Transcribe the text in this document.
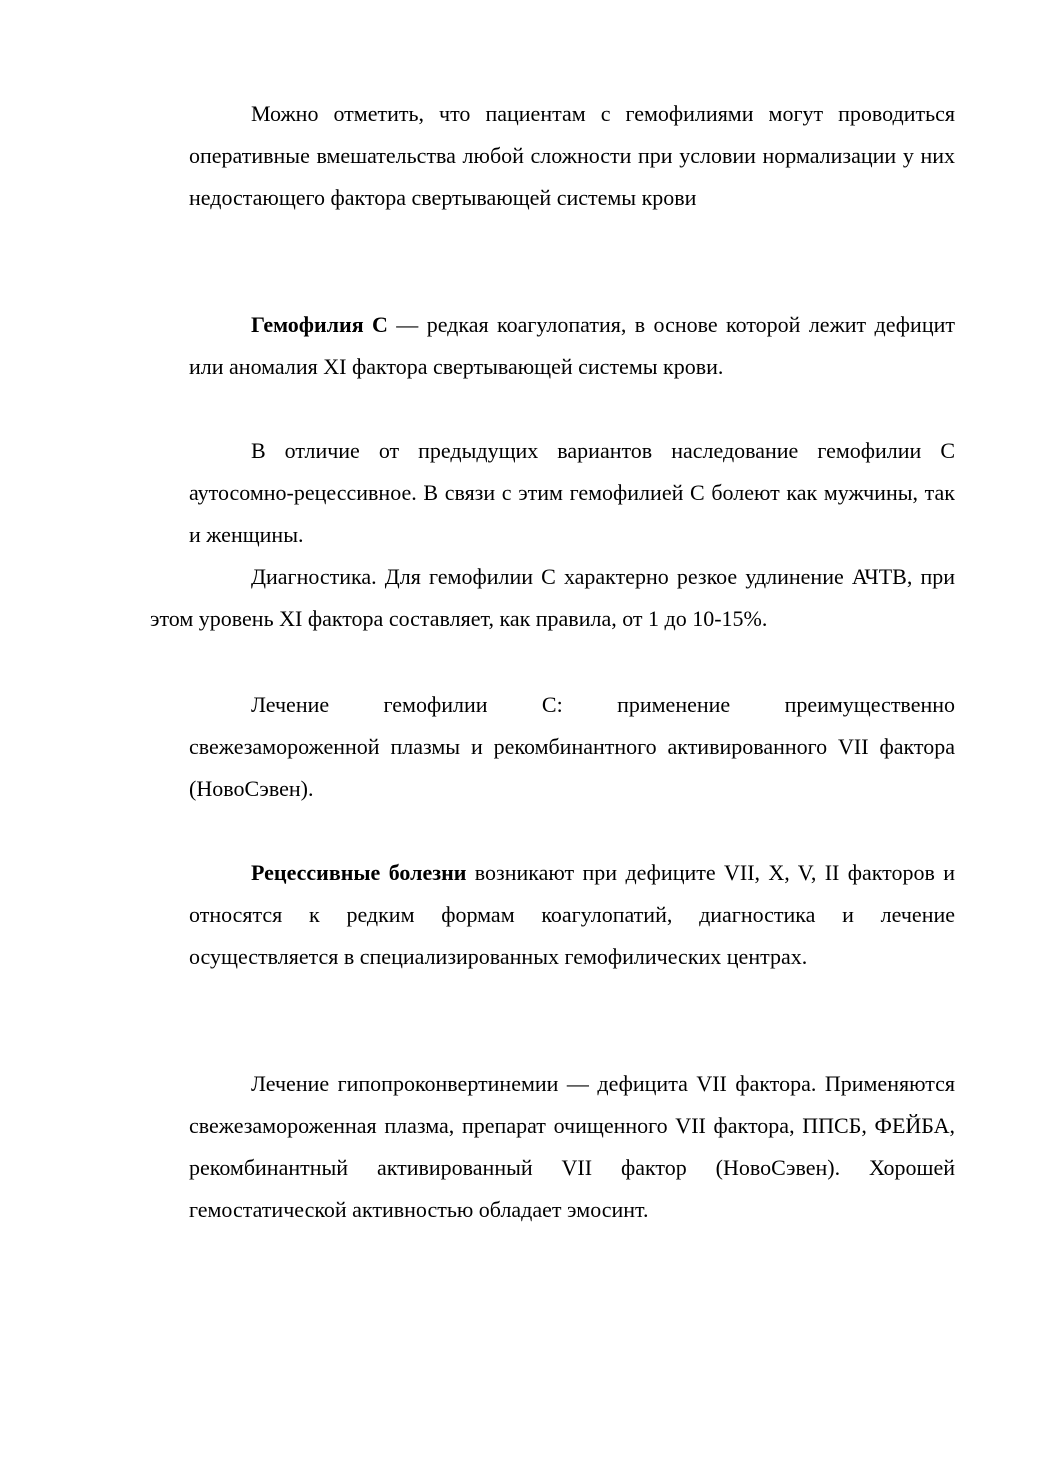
Можно отметить, что пациентам с гемофилиями могут проводиться оперативные вмешательства любой сложности при условии нормализации у них недостающего фактора свертывающей системы крови

Гемофилия С — редкая коагулопатия, в основе которой лежит дефицит или аномалия XI фактора свертывающей системы крови.

В отличие от предыдущих вариантов наследование гемофилии С аутосомно-рецессивное. В связи с этим гемофилией С болеют как мужчины, так и женщины.

Диагностика. Для гемофилии С характерно резкое удлинение АЧТВ, при этом уровень XI фактора составляет, как правила, от 1 до 10-15%.

Лечение гемофилии С: применение преимущественно свежезамороженной плазмы и рекомбинантного активированного VII фактора (НовоСэвен).

Рецессивные болезни возникают при дефиците VII, X, V, II факторов и относятся к редким формам коагулопатий, диагностика и лечение осуществляется в специализированных гемофилических центрах.

Лечение гипопроконвертинемии — дефицита VII фактора. Применяются свежезамороженная плазма, препарат очищенного VII фактора, ППСБ, ФЕЙБА, рекомбинантный активированный VII фактор (НовоСэвен). Хорошей гемостатической активностью обладает эмосинт.
